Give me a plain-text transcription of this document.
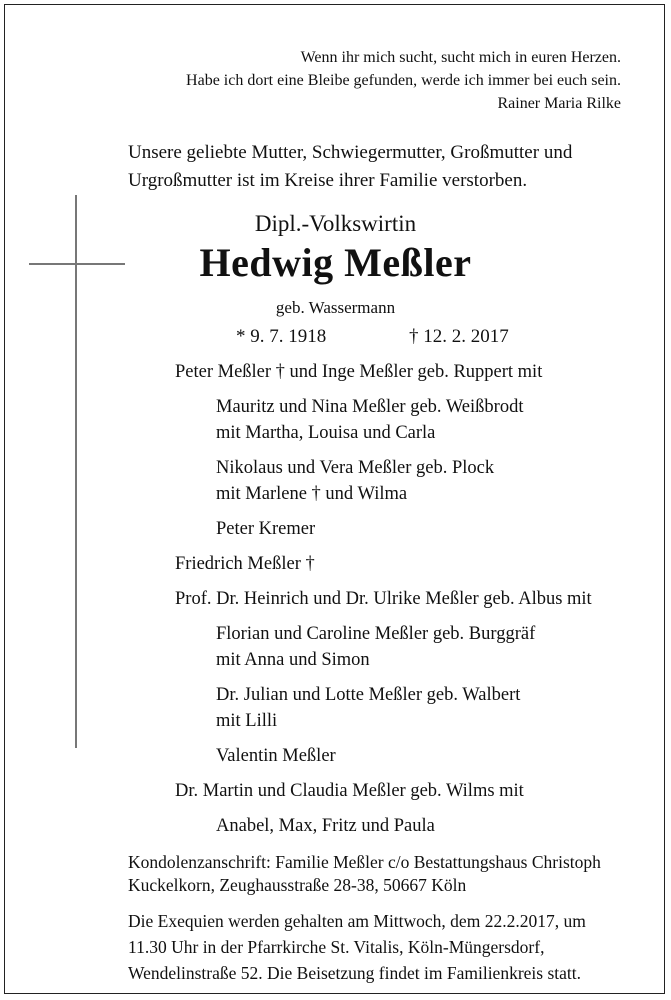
Wenn ihr mich sucht, sucht mich in euren Herzen.
Habe ich dort eine Bleibe gefunden, werde ich immer bei euch sein.
Rainer Maria Rilke
Unsere geliebte Mutter, Schwiegermutter, Großmutter und
Urgroßmutter ist im Kreise ihrer Familie verstorben.
Dipl.-Volkswirtin
Hedwig Meßler
geb. Wassermann
* 9. 7. 1918	† 12. 2. 2017
Peter Meßler † und Inge Meßler geb. Ruppert mit
Mauritz und Nina Meßler geb. Weißbrodt
mit Martha, Louisa und Carla
Nikolaus und Vera Meßler geb. Plock
mit Marlene † und Wilma
Peter Kremer
Friedrich Meßler †
Prof. Dr. Heinrich und Dr. Ulrike Meßler geb. Albus mit
Florian und Caroline Meßler geb. Burggräf
mit Anna und Simon
Dr. Julian und Lotte Meßler geb. Walbert
mit Lilli
Valentin Meßler
Dr. Martin und Claudia Meßler geb. Wilms mit
Anabel, Max, Fritz und Paula
Kondolenzanschrift: Familie Meßler c/o Bestattungshaus Christoph
Kuckelkorn, Zeughausstraße 28-38, 50667 Köln
Die Exequien werden gehalten am Mittwoch, dem 22.2.2017, um
11.30 Uhr in der Pfarrkirche St. Vitalis, Köln-Müngersdorf,
Wendelinstraße 52. Die Beisetzung findet im Familienkreis statt.
